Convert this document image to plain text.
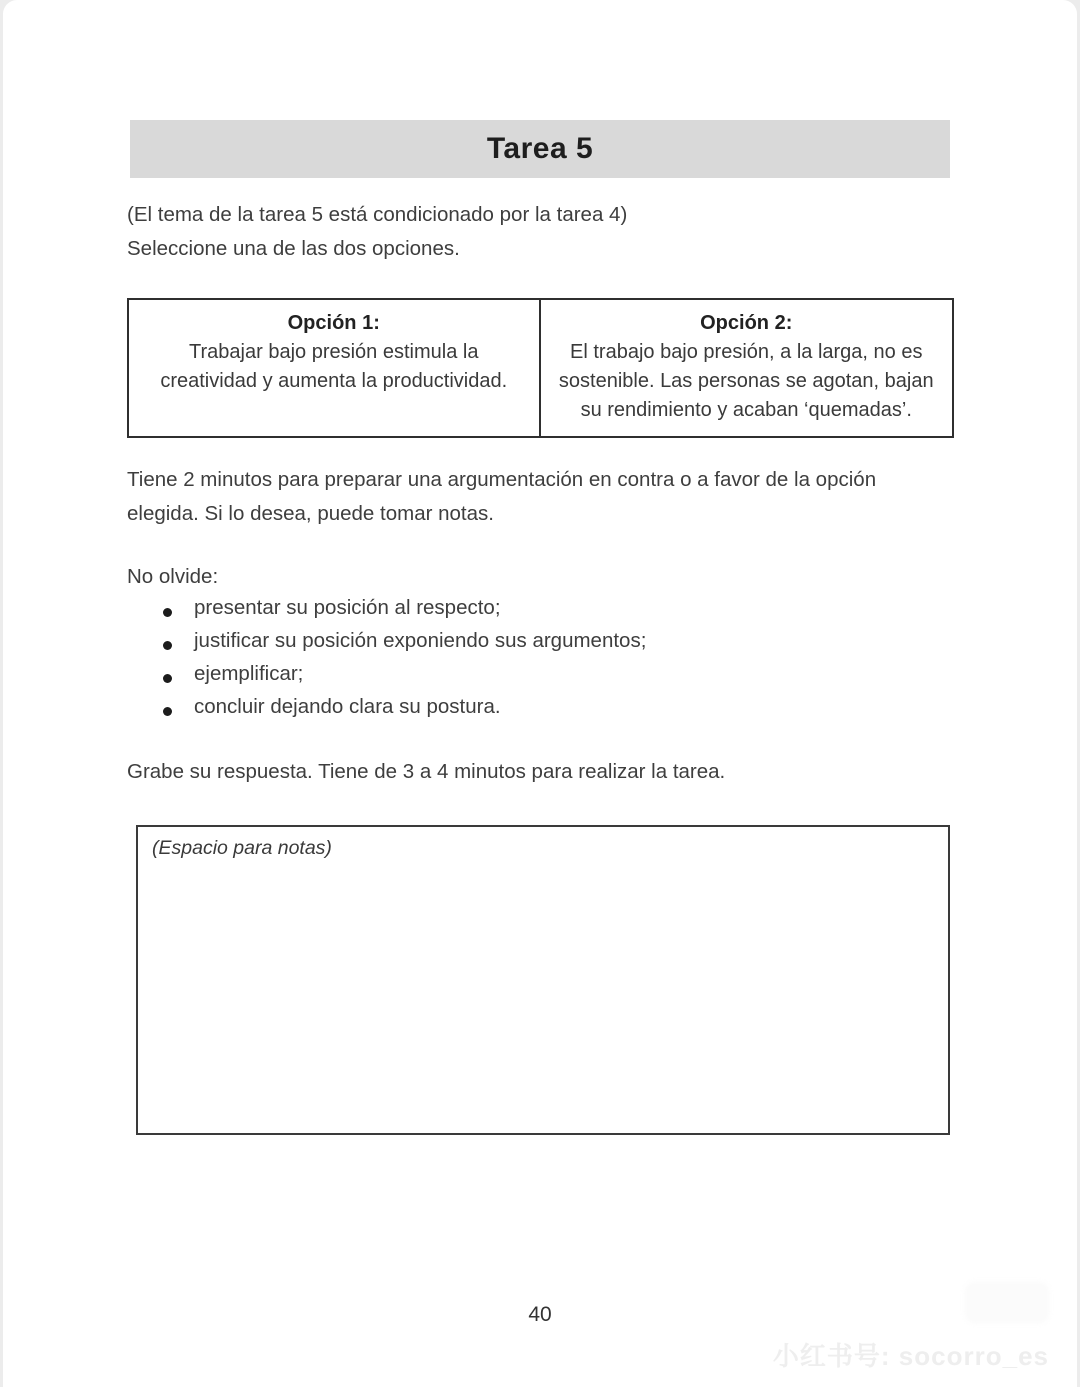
Tarea 5
(El tema de la tarea 5 está condicionado por la tarea 4)
Seleccione una de las dos opciones.
Opción 1:
Trabajar bajo presión estimula la creatividad y aumenta la productividad.
Opción 2:
El trabajo bajo presión, a la larga, no es sostenible. Las personas se agotan, bajan su rendimiento y acaban ‘quemadas’.
Tiene 2 minutos para preparar una argumentación en contra o a favor de la opción elegida. Si lo desea, puede tomar notas.
No olvide:
presentar su posición al respecto;
justificar su posición exponiendo sus argumentos;
ejemplificar;
concluir dejando clara su postura.
Grabe su respuesta. Tiene de 3 a 4 minutos para realizar la tarea.
(Espacio para notas)
40
小红书号: socorro_es
